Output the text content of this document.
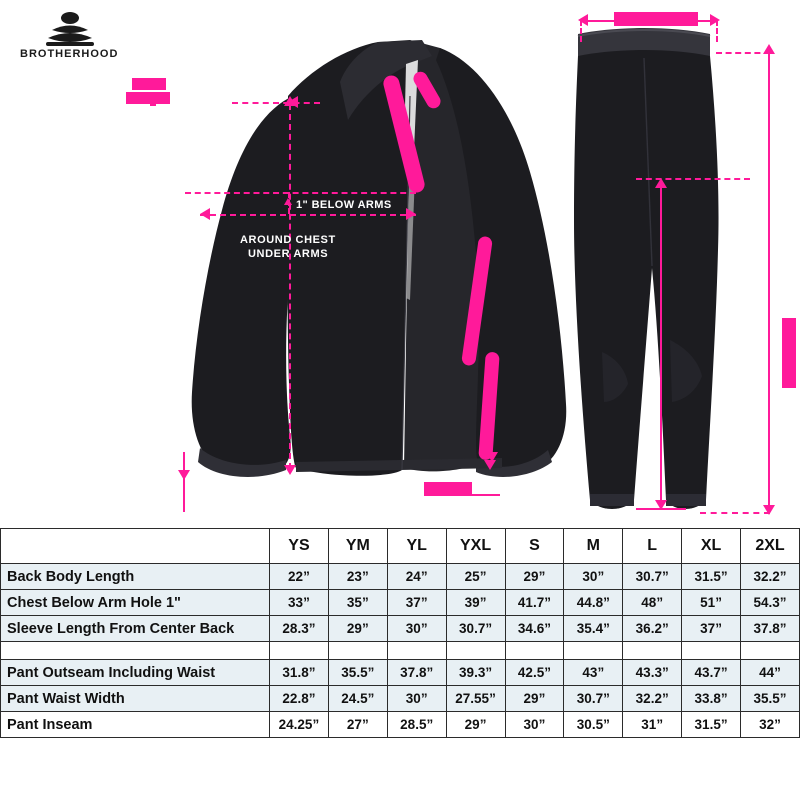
BROTHERHOOD
BODY
1" BELOW ARMS
AROUND CHEST
UNDER ARMS
	YS	YM	YL	YXL	S	M	L	XL	2XL
Back Body Length	22”	23”	24”	25”	29”	30”	30.7”	31.5”	32.2”
Chest Below Arm Hole 1"	33”	35”	37”	39”	41.7”	44.8”	48”	51”	54.3”
Sleeve Length From Center Back	28.3”	29”	30”	30.7”	34.6”	35.4”	36.2”	37”	37.8”

Pant Outseam Including Waist	31.8”	35.5”	37.8”	39.3”	42.5”	43”	43.3”	43.7”	44”
Pant Waist Width	22.8”	24.5”	30”	27.55”	29”	30.7”	32.2”	33.8”	35.5”
Pant Inseam	24.25”	27”	28.5”	29”	30”	30.5”	31”	31.5”	32”
